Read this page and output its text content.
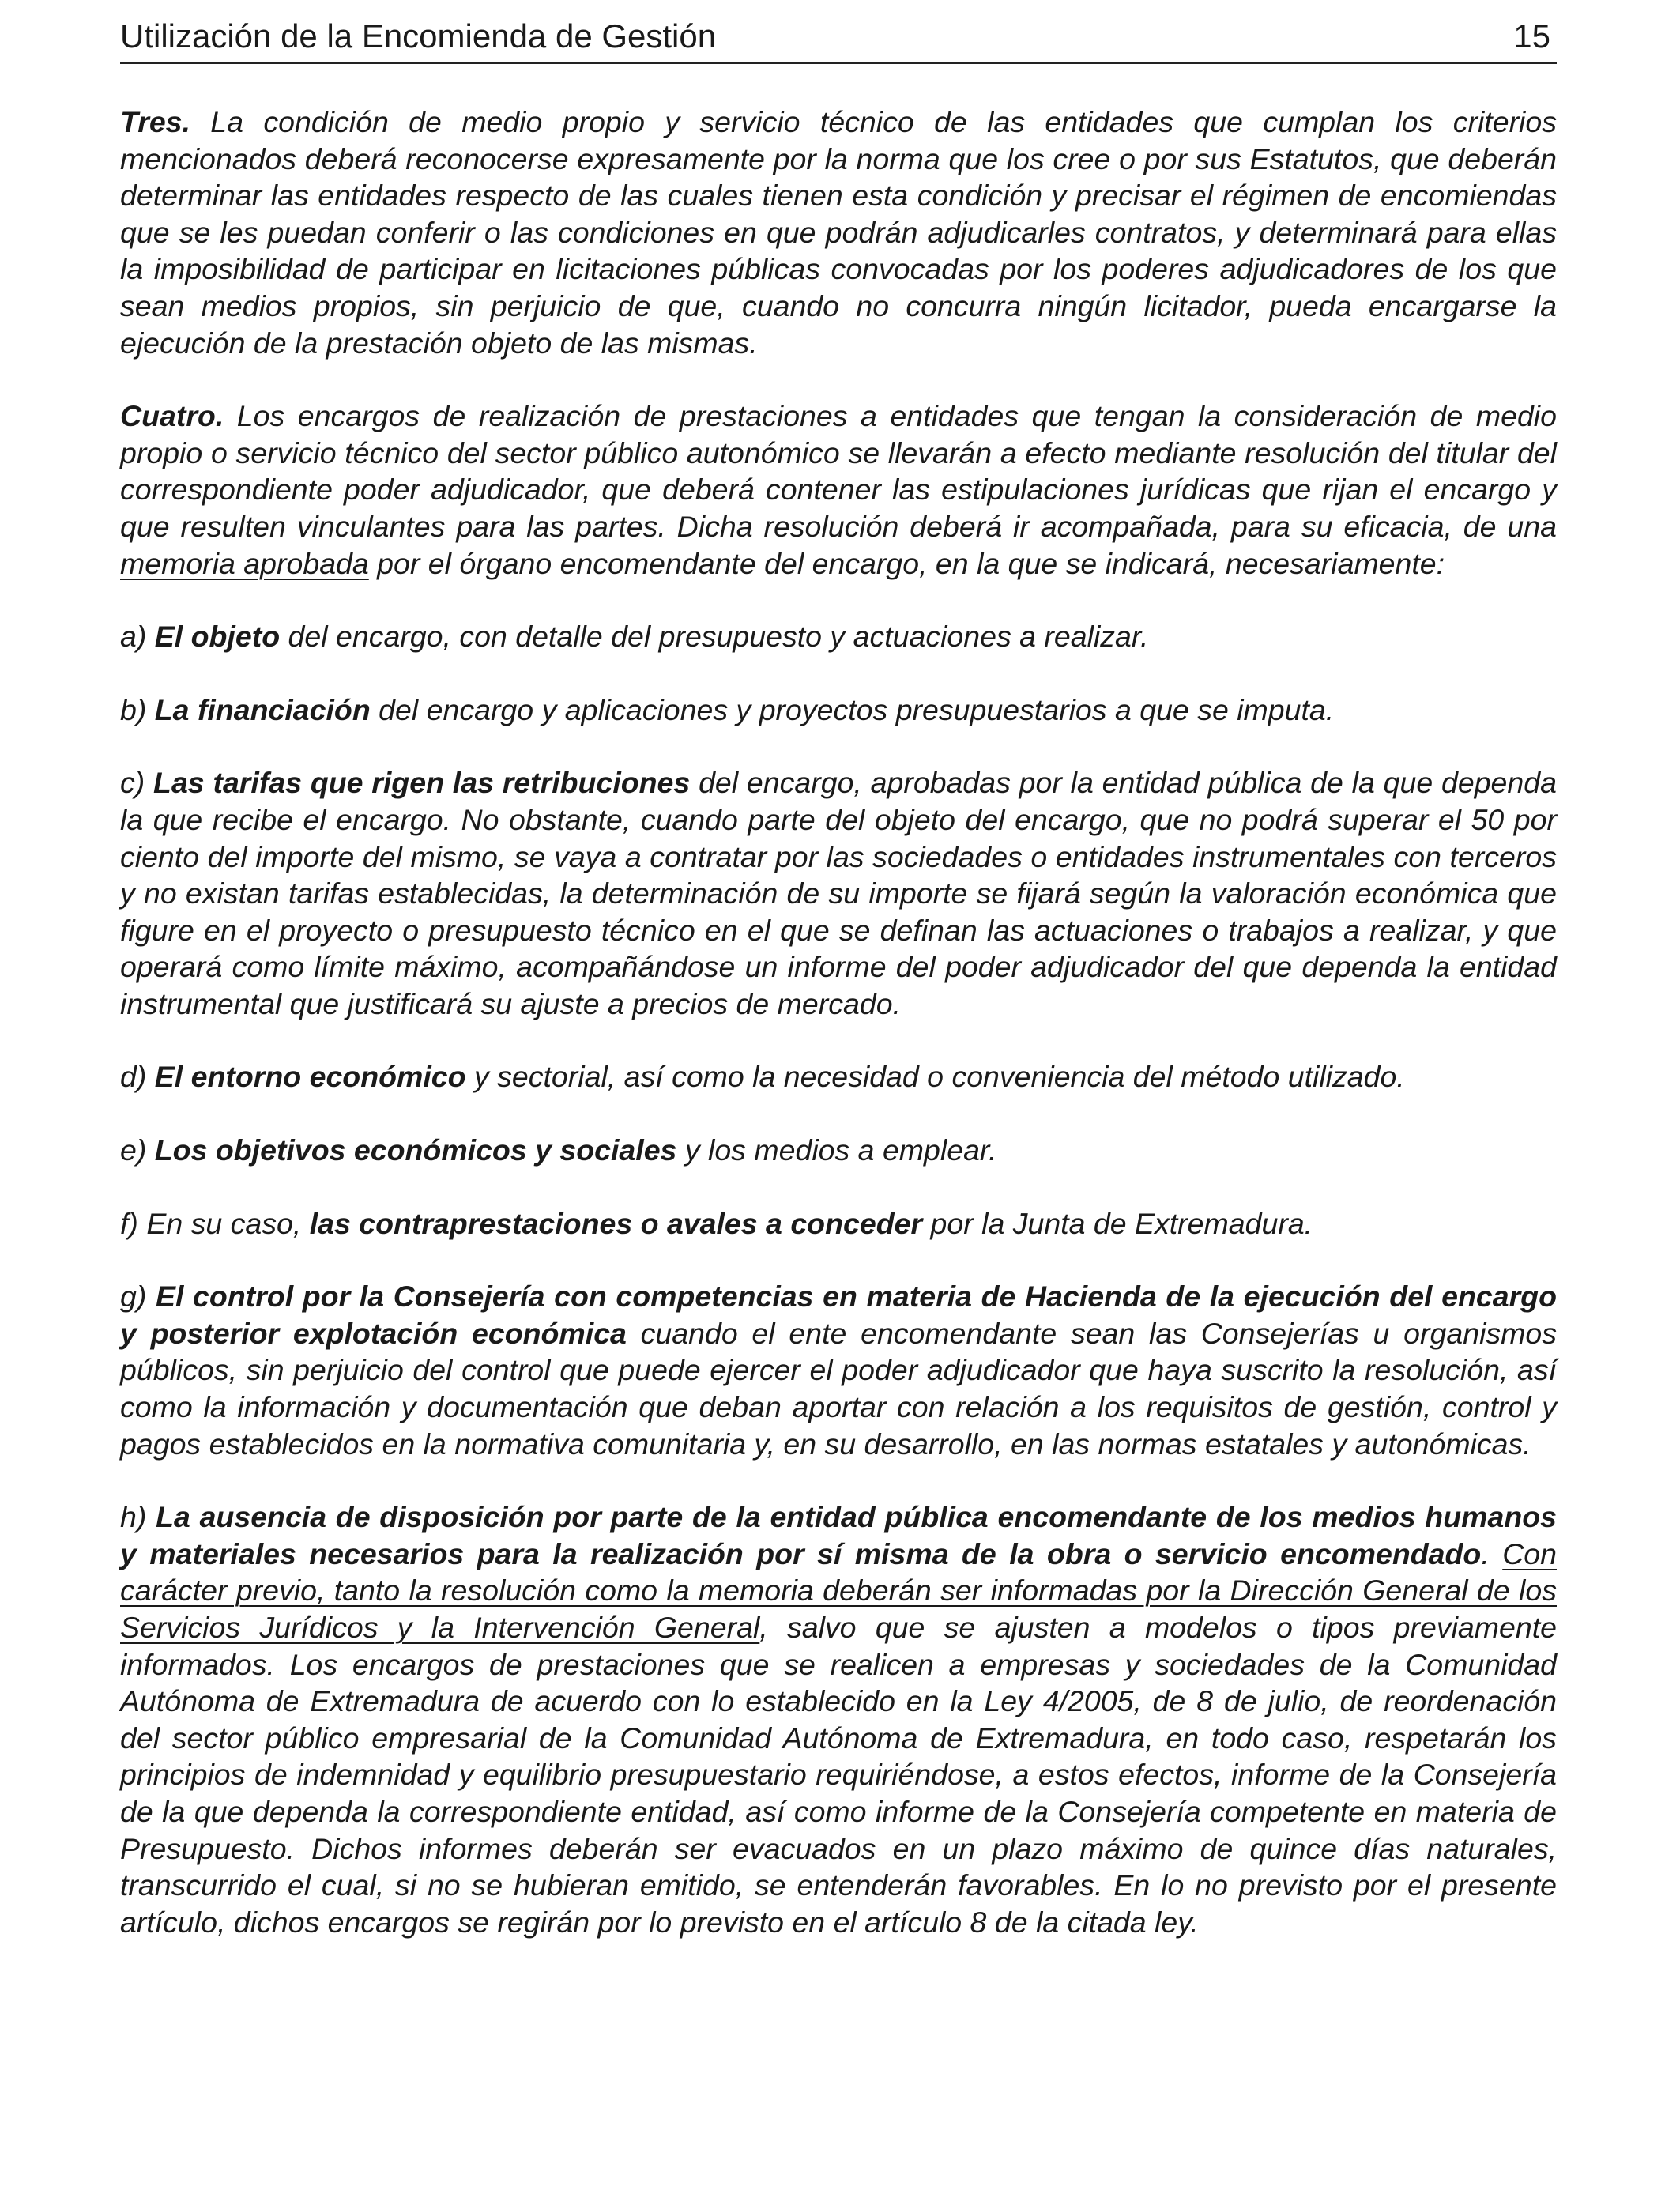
Utilización de la Encomienda de Gestión	15

Tres. La condición de medio propio y servicio técnico de las entidades que cumplan los criterios mencionados deberá reconocerse expresamente por la norma que los cree o por sus Estatutos, que deberán determinar las entidades respecto de las cuales tienen esta condición y precisar el régimen de encomiendas que se les puedan conferir o las condiciones en que podrán adjudicarles contratos, y determinará para ellas la imposibilidad de participar en licitaciones públicas convocadas por los poderes adjudicadores de los que sean medios propios, sin perjuicio de que, cuando no concurra ningún licitador, pueda encargarse la ejecución de la prestación objeto de las mismas.

Cuatro. Los encargos de realización de prestaciones a entidades que tengan la consideración de medio propio o servicio técnico del sector público autonómico se llevarán a efecto mediante resolución del titular del correspondiente poder adjudicador, que deberá contener las estipulaciones jurídicas que rijan el encargo y que resulten vinculantes para las partes. Dicha resolución deberá ir acompañada, para su eficacia, de una memoria aprobada por el órgano encomendante del encargo, en la que se indicará, necesariamente:

a) El objeto del encargo, con detalle del presupuesto y actuaciones a realizar.

b) La financiación del encargo y aplicaciones y proyectos presupuestarios a que se imputa.

c) Las tarifas que rigen las retribuciones del encargo, aprobadas por la entidad pública de la que dependa la que recibe el encargo. No obstante, cuando parte del objeto del encargo, que no podrá superar el 50 por ciento del importe del mismo, se vaya a contratar por las sociedades o entidades instrumentales con terceros y no existan tarifas establecidas, la determinación de su importe se fijará según la valoración económica que figure en el proyecto o presupuesto técnico en el que se definan las actuaciones o trabajos a realizar, y que operará como límite máximo, acompañándose un informe del poder adjudicador del que dependa la entidad instrumental que justificará su ajuste a precios de mercado.

d) El entorno económico y sectorial, así como la necesidad o conveniencia del método utilizado.

e) Los objetivos económicos y sociales y los medios a emplear.

f) En su caso, las contraprestaciones o avales a conceder por la Junta de Extremadura.

g) El control por la Consejería con competencias en materia de Hacienda de la ejecución del encargo y posterior explotación económica cuando el ente encomendante sean las Consejerías u organismos públicos, sin perjuicio del control que puede ejercer el poder adjudicador que haya suscrito la resolución, así como la información y documentación que deban aportar con relación a los requisitos de gestión, control y pagos establecidos en la normativa comunitaria y, en su desarrollo, en las normas estatales y autonómicas.

h) La ausencia de disposición por parte de la entidad pública encomendante de los medios humanos y materiales necesarios para la realización por sí misma de la obra o servicio encomendado. Con carácter previo, tanto la resolución como la memoria deberán ser informadas por la Dirección General de los Servicios Jurídicos y la Intervención General, salvo que se ajusten a modelos o tipos previamente informados. Los encargos de prestaciones que se realicen a empresas y sociedades de la Comunidad Autónoma de Extremadura de acuerdo con lo establecido en la Ley 4/2005, de 8 de julio, de reordenación del sector público empresarial de la Comunidad Autónoma de Extremadura, en todo caso, respetarán los principios de indemnidad y equilibrio presupuestario requiriéndose, a estos efectos, informe de la Consejería de la que dependa la correspondiente entidad, así como informe de la Consejería competente en materia de Presupuesto. Dichos informes deberán ser evacuados en un plazo máximo de quince días naturales, transcurrido el cual, si no se hubieran emitido, se entenderán favorables. En lo no previsto por el presente artículo, dichos encargos se regirán por lo previsto en el artículo 8 de la citada ley.
